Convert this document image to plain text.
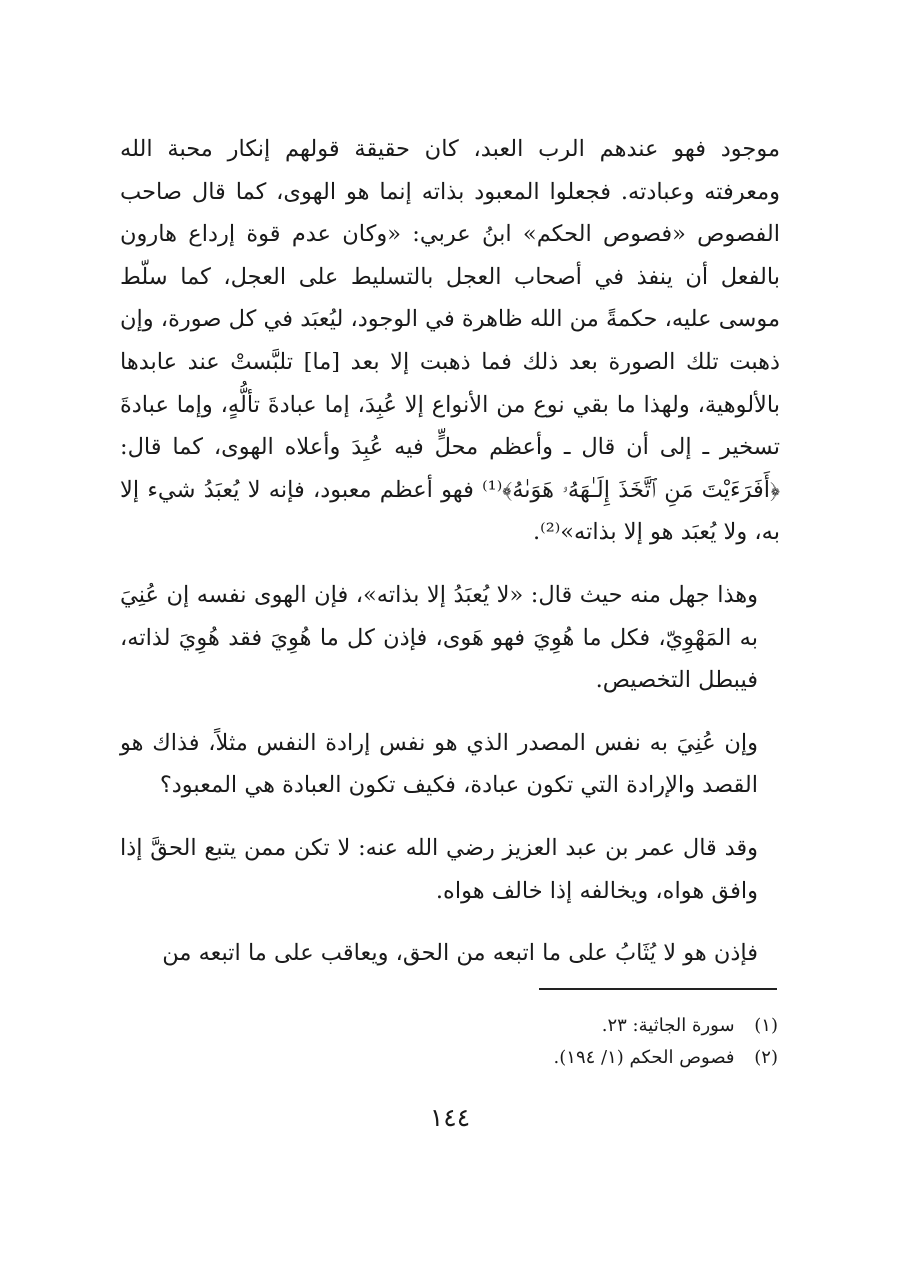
موجود فهو عندهم الرب العبد، كان حقيقة قولهم إنكار محبة الله ومعرفته وعبادته. فجعلوا المعبود بذاته إنما هو الهوى، كما قال صاحب الفصوص «فصوص الحكم» ابنُ عربي: «وكان عدم قوة إرداع هارون بالفعل أن ينفذ في أصحاب العجل بالتسليط على العجل، كما سلّط موسى عليه، حكمةً من الله ظاهرة في الوجود، ليُعبَد في كل صورة، وإن ذهبت تلك الصورة بعد ذلك فما ذهبت إلا بعد [ما] تلبَّستْ عند عابدها بالألوهية، ولهذا ما بقي نوع من الأنواع إلا عُبِدَ، إما عبادةَ تألُّهٍ، وإما عبادةَ تسخير ـ إلى أن قال ـ وأعظم محلٍّ فيه عُبِدَ وأعلاه الهوى، كما قال: ﴿أَفَرَءَيْتَ مَنِ ٱتَّخَذَ إِلَـٰهَهُۥ هَوَىٰهُ﴾⁽¹⁾ فهو أعظم معبود، فإنه لا يُعبَدُ شيء إلا به، ولا يُعبَد هو إلا بذاته»⁽²⁾.

وهذا جهل منه حيث قال: «لا يُعبَدُ إلا بذاته»، فإن الهوى نفسه إن عُنِيَ به المَهْوِيّ، فكل ما هُوِيَ فهو هَوى، فإذن كل ما هُوِيَ فقد هُوِيَ لذاته، فيبطل التخصيص.

وإن عُنِيَ به نفس المصدر الذي هو نفس إرادة النفس مثلاً، فذاك هو القصد والإرادة التي تكون عبادة، فكيف تكون العبادة هي المعبود؟

وقد قال عمر بن عبد العزيز رضي الله عنه: لا تكن ممن يتبع الحقَّ إذا وافق هواه، ويخالفه إذا خالف هواه.

فإذن هو لا يُثَابُ على ما اتبعه من الحق، ويعاقب على ما اتبعه من

(١) سورة الجاثية: ٢٣.
(٢) فصوص الحكم (١/ ١٩٤).
١٤٤
